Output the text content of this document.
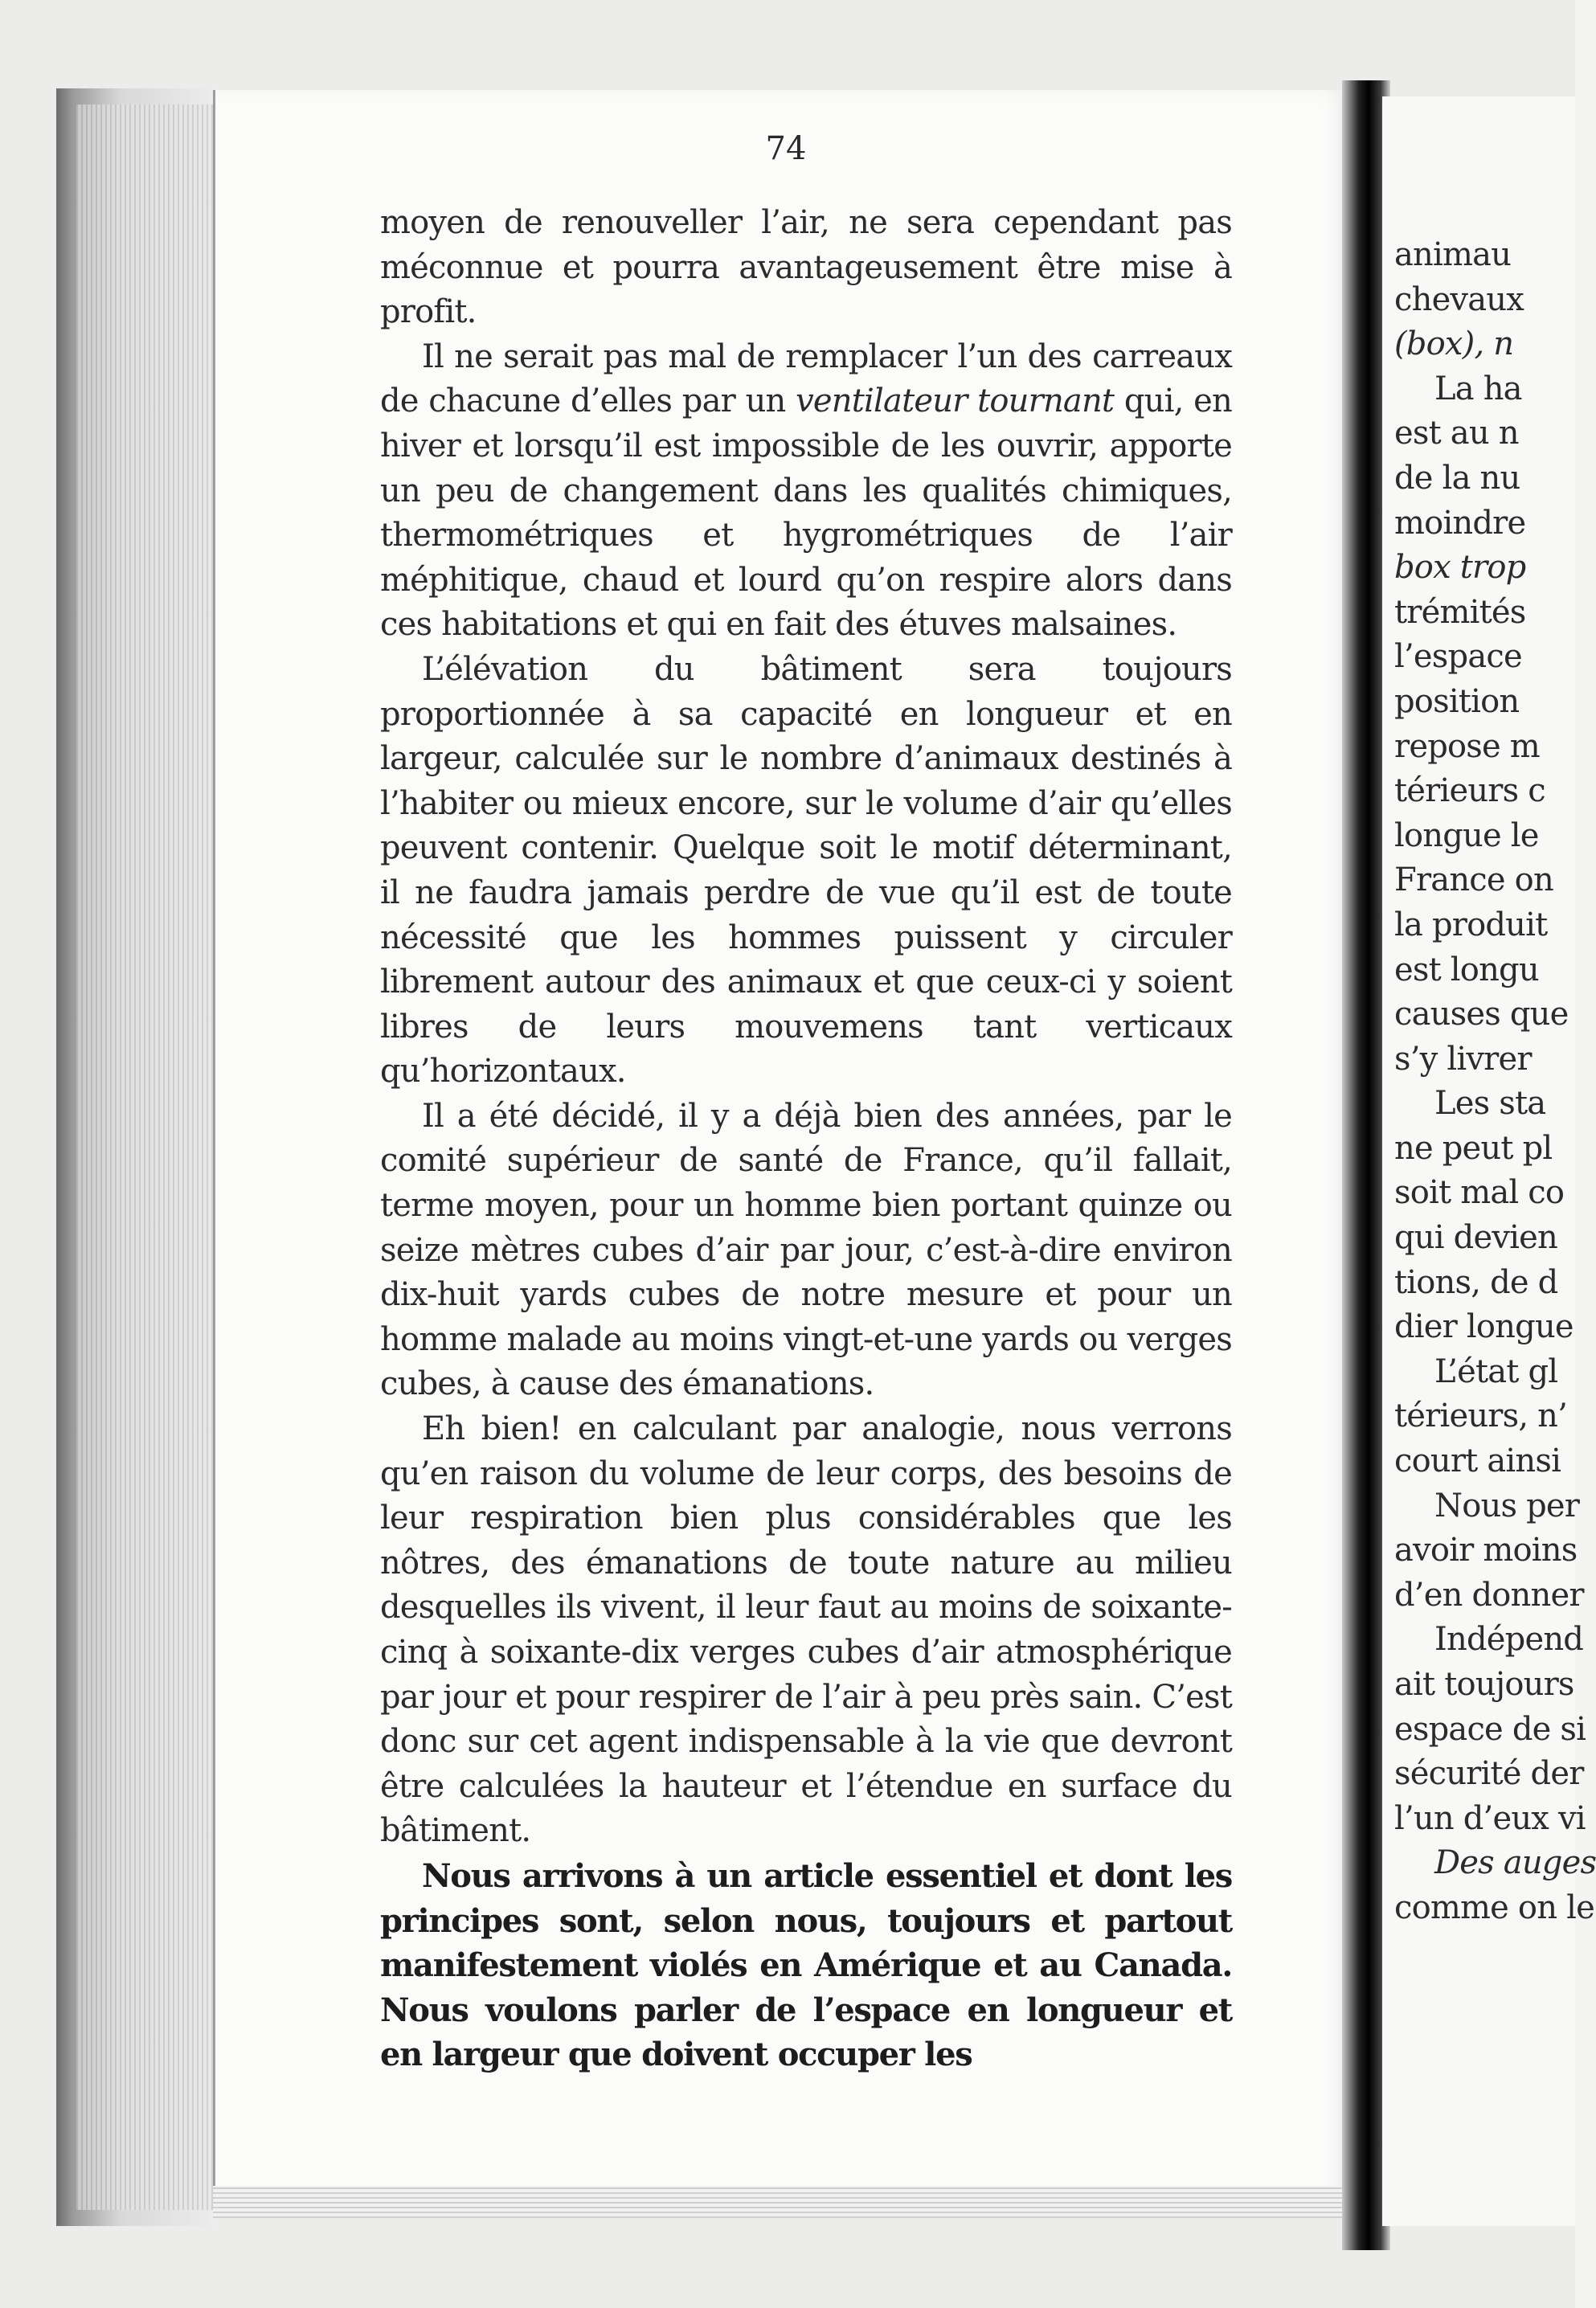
74

moyen de renouveller l’air, ne sera cependant pas méconnue et pourra avantageusement être mise à profit.

Il ne serait pas mal de remplacer l’un des carreaux de chacune d’elles par un ventilateur tournant qui, en hiver et lorsqu’il est impossible de les ouvrir, apporte un peu de changement dans les qualités chimiques, thermométriques et hygrométriques de l’air méphitique, chaud et lourd qu’on respire alors dans ces habitations et qui en fait des étuves malsaines.

L’élévation du bâtiment sera toujours proportionnée à sa capacité en longueur et en largeur, calculée sur le nombre d’animaux destinés à l’habiter ou mieux encore, sur le volume d’air qu’elles peuvent contenir. Quelque soit le motif déterminant, il ne faudra jamais perdre de vue qu’il est de toute nécessité que les hommes puissent y circuler librement autour des animaux et que ceux-ci y soient libres de leurs mouvemens tant verticaux qu’horizontaux.

Il a été décidé, il y a déjà bien des années, par le comité supérieur de santé de France, qu’il fallait, terme moyen, pour un homme bien portant quinze ou seize mètres cubes d’air par jour, c’est-à-dire environ dix-huit yards cubes de notre mesure et pour un homme malade au moins vingt-et-une yards ou verges cubes, à cause des émanations.

Eh bien! en calculant par analogie, nous verrons qu’en raison du volume de leur corps, des besoins de leur respiration bien plus considérables que les nôtres, des émanations de toute nature au milieu desquelles ils vivent, il leur faut au moins de soixante-cinq à soixante-dix verges cubes d’air atmosphérique par jour et pour respirer de l’air à peu près sain. C’est donc sur cet agent indispensable à la vie que devront être calculées la hauteur et l’étendue en surface du bâtiment.

Nous arrivons à un article essentiel et dont les principes sont, selon nous, toujours et partout manifestement violés en Amérique et au Canada. Nous voulons parler de l’espace en longueur et en largeur que doivent occuper les

animau
chevaux
(box), n
La ha
est au n
de la nu
moindre
box trop
trémités
l’espace
position
repose m
térieurs c
longue le
France on
la produit
est longu
causes que
s’y livrer
Les sta
ne peut pl
soit mal co
qui devien
tions, de d
dier longue
L’état gl
térieurs, n’
court ainsi
Nous per
avoir moins
d’en donner
Indépend
ait toujours
espace de si
sécurité der
l’un d’eux vi
Des auges
comme on le
